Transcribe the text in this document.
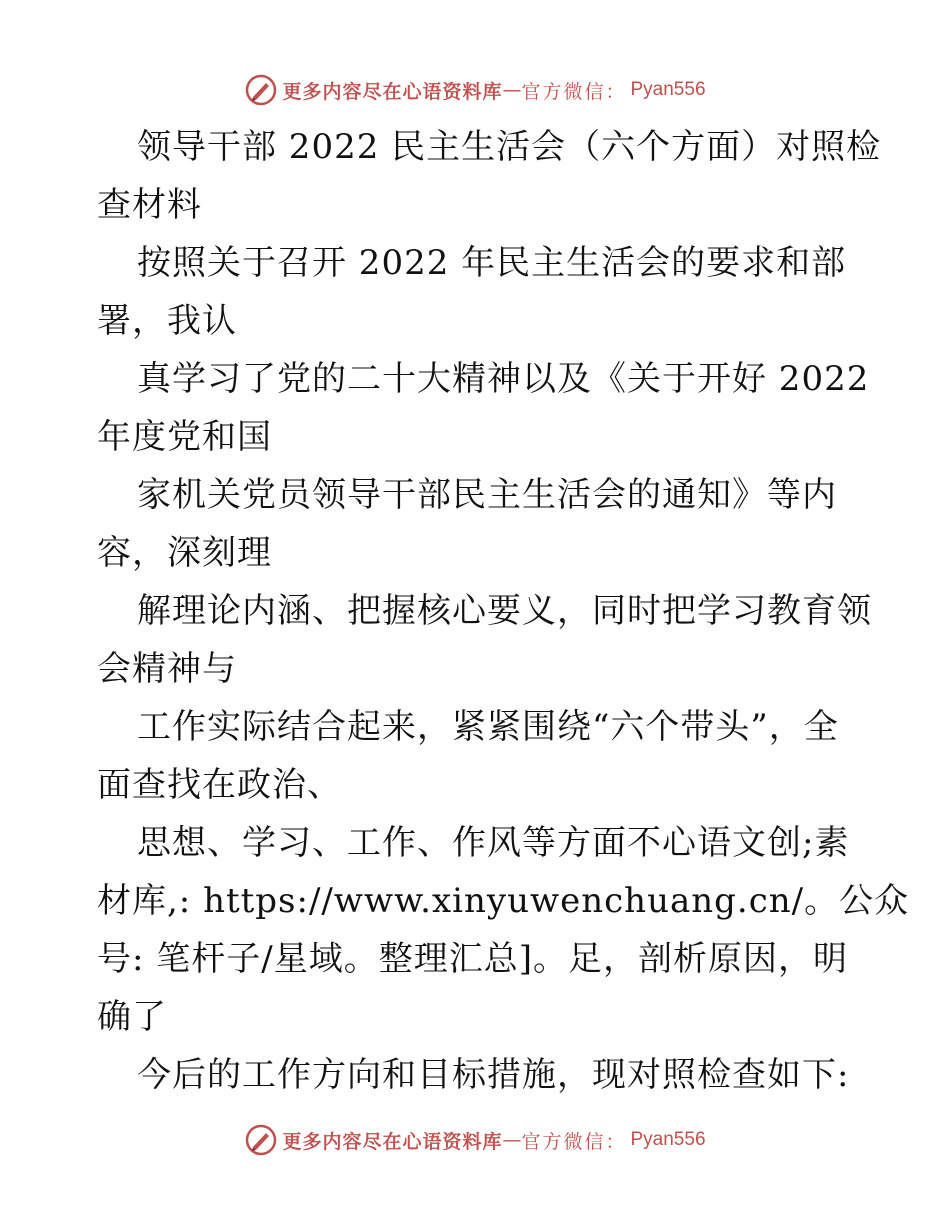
更多内容尽在心语资料库 — 官方微信： Pyan556
领导干部 2022 民主生活会（六个方面）对照检
查材料
按照关于召开 2022 年民主生活会的要求和部
署，我认
真学习了党的二十大精神以及《关于开好 2022
年度党和国
家机关党员领导干部民主生活会的通知》等内
容，深刻理
解理论内涵、把握核心要义，同时把学习教育领
会精神与
工作实际结合起来，紧紧围绕“六个带头”，全
面查找在政治、
思想、学习、工作、作风等方面不心语文创;素
材库,: https://www.xinyuwenchuang.cn/。公众
号: 笔杆子/星域。整理汇总]。足，剖析原因，明
确了
今后的工作方向和目标措施，现对照检查如下:
更多内容尽在心语资料库 — 官方微信： Pyan556
